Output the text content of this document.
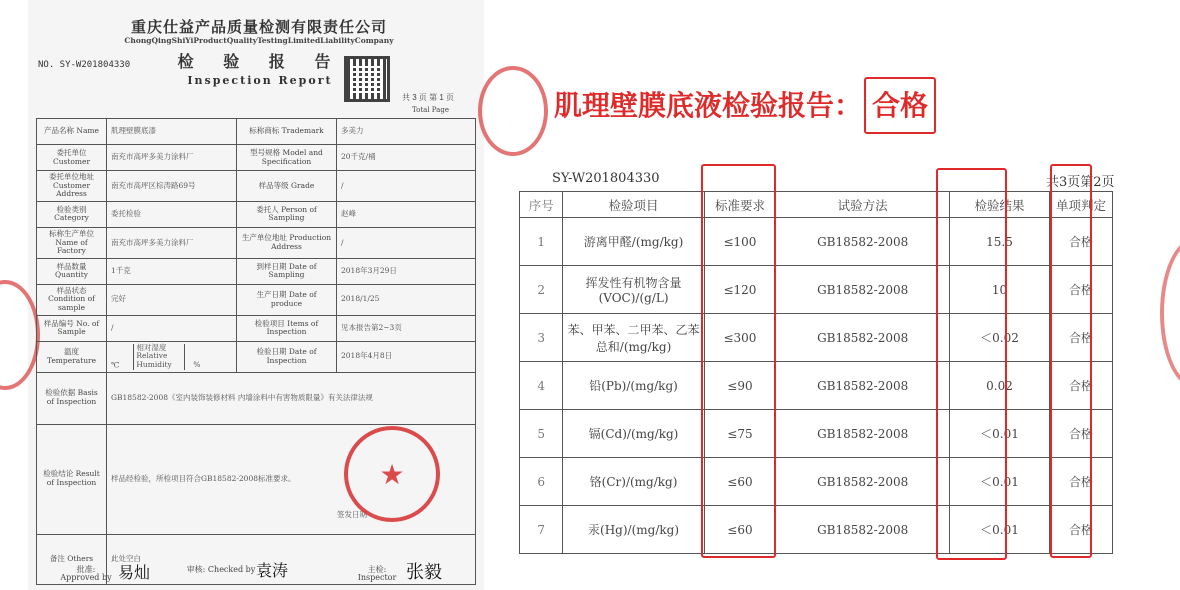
重庆仕益产品质量检测有限责任公司
ChongQingShiYiProductQualityTestingLimitedLiabilityCompany
检 验 报 告
Inspection Report
NO. SY-W201804330
共 3 页 第 1 页
Total Page
产品名称 Name	肌理壁膜底漆	标称商标 Trademark	多美力
委托单位 Customer	南充市高坪多美力涂料厂	型号规格 Model and Specification	20千克/桶
委托单位地址 Customer Address	南充市高坪区棕涛路69号	样品等级 Grade	/
检验类别 Category	委托检验	委托人 Person of Sampling	赵峰
标称生产单位 Name of Factory	南充市高坪多美力涂料厂	生产单位地址 Production Address	/
样品数量 Quantity	1千克	到样日期 Date of Sampling	2018年3月29日
样品状态 Condition of sample	完好	生产日期 Date of produce	2018/1/25
样品编号 No. of Sample	/	检验项目 Items of Inspection	见本报告第2~3页
温度 Temperature	℃相对湿度 Relative Humidity %	检验日期 Date of Inspection	2018年4月8日
检验依据 Basis of Inspection	GB18582-2008《室内装饰装修材料 内墙涂料中有害物质限量》有关法律法规		
检验结论 Result of Inspection	样品经检验，所检项目符合GB18582-2008标准要求。
签发日期		

备注 Others	此处空白		
★
批准: Approved by 易灿	审核: Checked by 袁涛	主检: Inspector 张毅
肌理壁膜底液检验报告： 合格
SY-W201804330	共3页第2页
序号	检验项目	标准要求	试验方法	检验结果	单项判定
1	游离甲醛/(mg/kg)	≤100	GB18582-2008	15.5	合格
2	挥发性有机物含量(VOC)/(g/L)	≤120	GB18582-2008	10	合格
3	苯、甲苯、二甲苯、乙苯总和/(mg/kg)	≤300	GB18582-2008	＜0.02	合格
4	铅(Pb)/(mg/kg)	≤90	GB18582-2008	0.02	合格
5	镉(Cd)/(mg/kg)	≤75	GB18582-2008	＜0.01	合格
6	铬(Cr)/(mg/kg)	≤60	GB18582-2008	＜0.01	合格
7	汞(Hg)/(mg/kg)	≤60	GB18582-2008	＜0.01	合格
